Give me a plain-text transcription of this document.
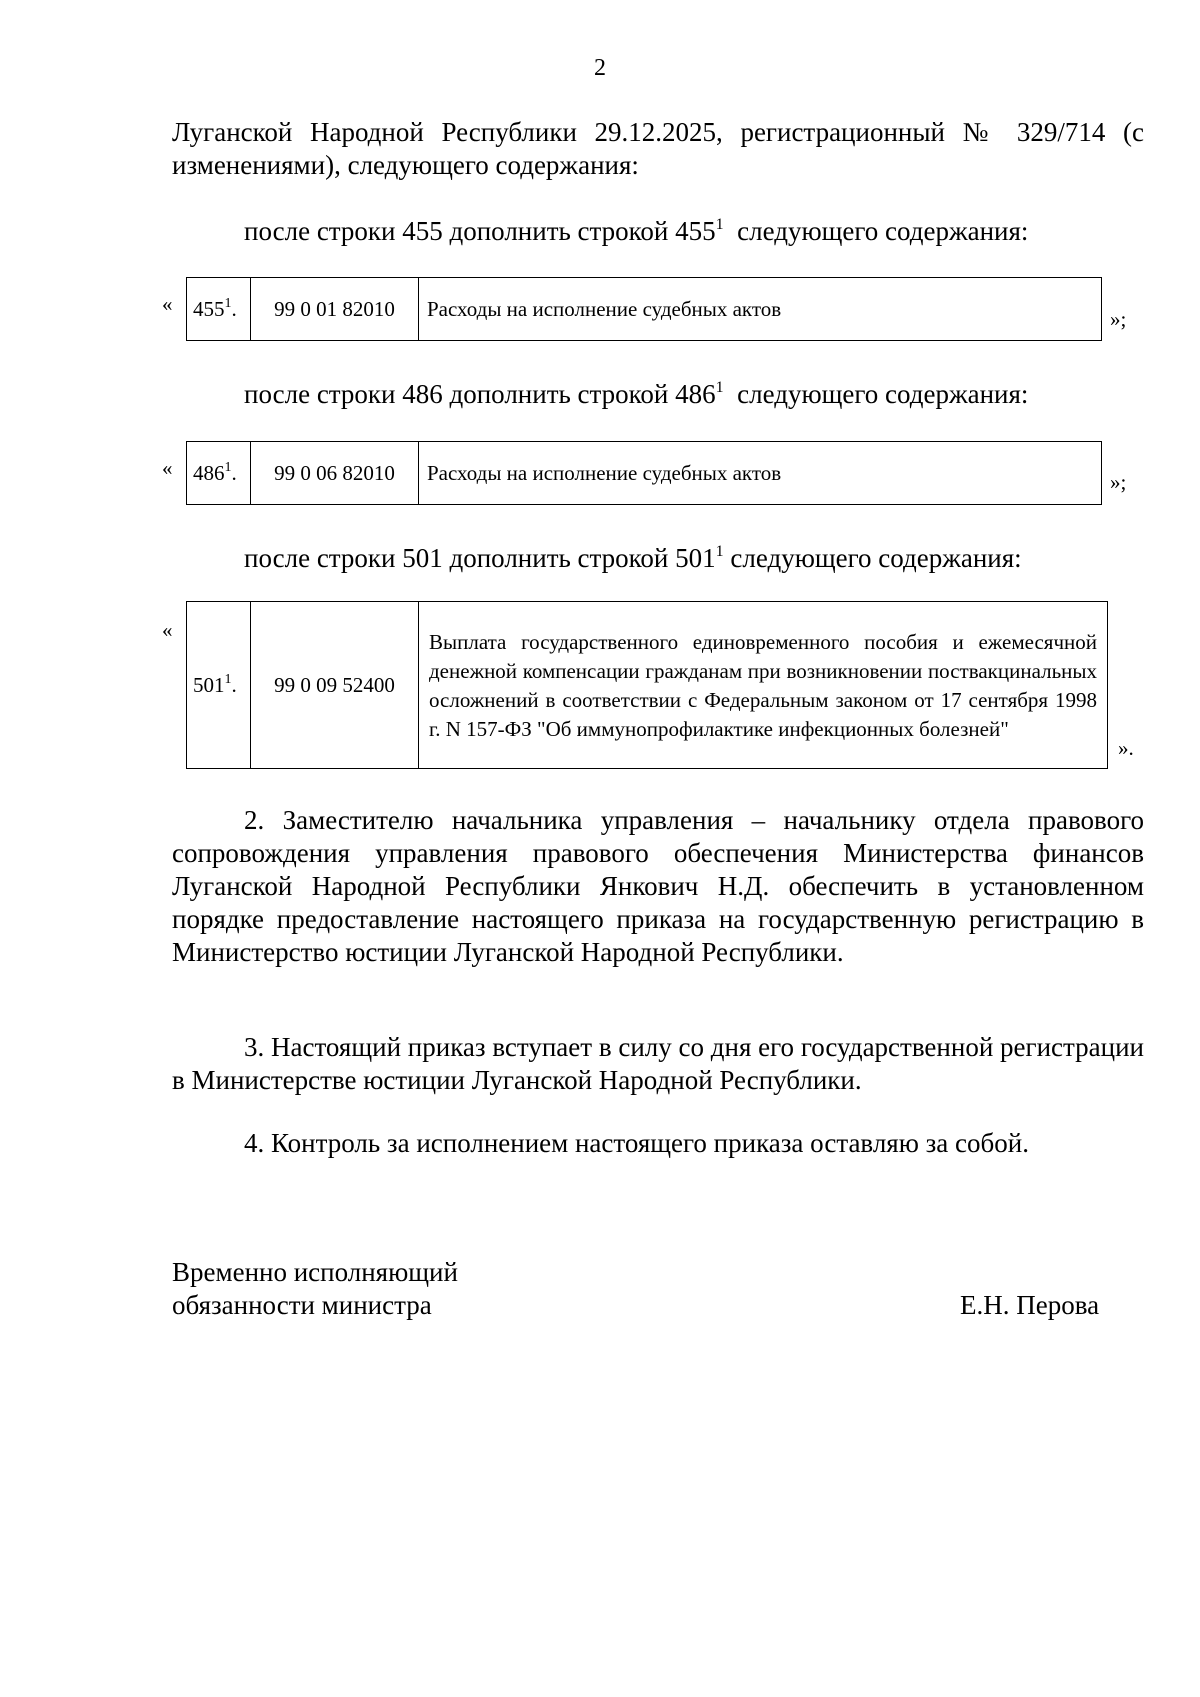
2

Луганской Народной Республики 29.12.2025, регистрационный № 329/714 (с изменениями), следующего содержания:

после строки 455 дополнить строкой $455^1$  следующего содержания:
« $455^1$.	99 0 01 82010	Расходы на исполнение судебных актов	»;
после строки 486 дополнить строкой $486^1$  следующего содержания:
« $486^1$.	99 0 06 82010	Расходы на исполнение судебных актов	»;
после строки 501 дополнить строкой $501^1$ следующего содержания:
«
$501^1$.	99 0 09 52400	Выплата государственного единовременного пособия и ежемесячной денежной компенсации гражданам при возникновении поствакцинальных осложнений в соответствии с Федеральным законом от 17 сентября 1998 г. N 157-ФЗ "Об иммунопрофилактике инфекционных болезней"
».

2. Заместителю начальника управления – начальнику отдела правового сопровождения управления правового обеспечения Министерства финансов Луганской Народной Республики Янкович Н.Д. обеспечить в установленном порядке предоставление настоящего приказа на государственную регистрацию в Министерство юстиции Луганской Народной Республики.

3. Настоящий приказ вступает в силу со дня его государственной регистрации в Министерстве юстиции Луганской Народной Республики.

4. Контроль за исполнением настоящего приказа оставляю за собой.

Временно исполняющий
обязанности министра	Е.Н. Перова
